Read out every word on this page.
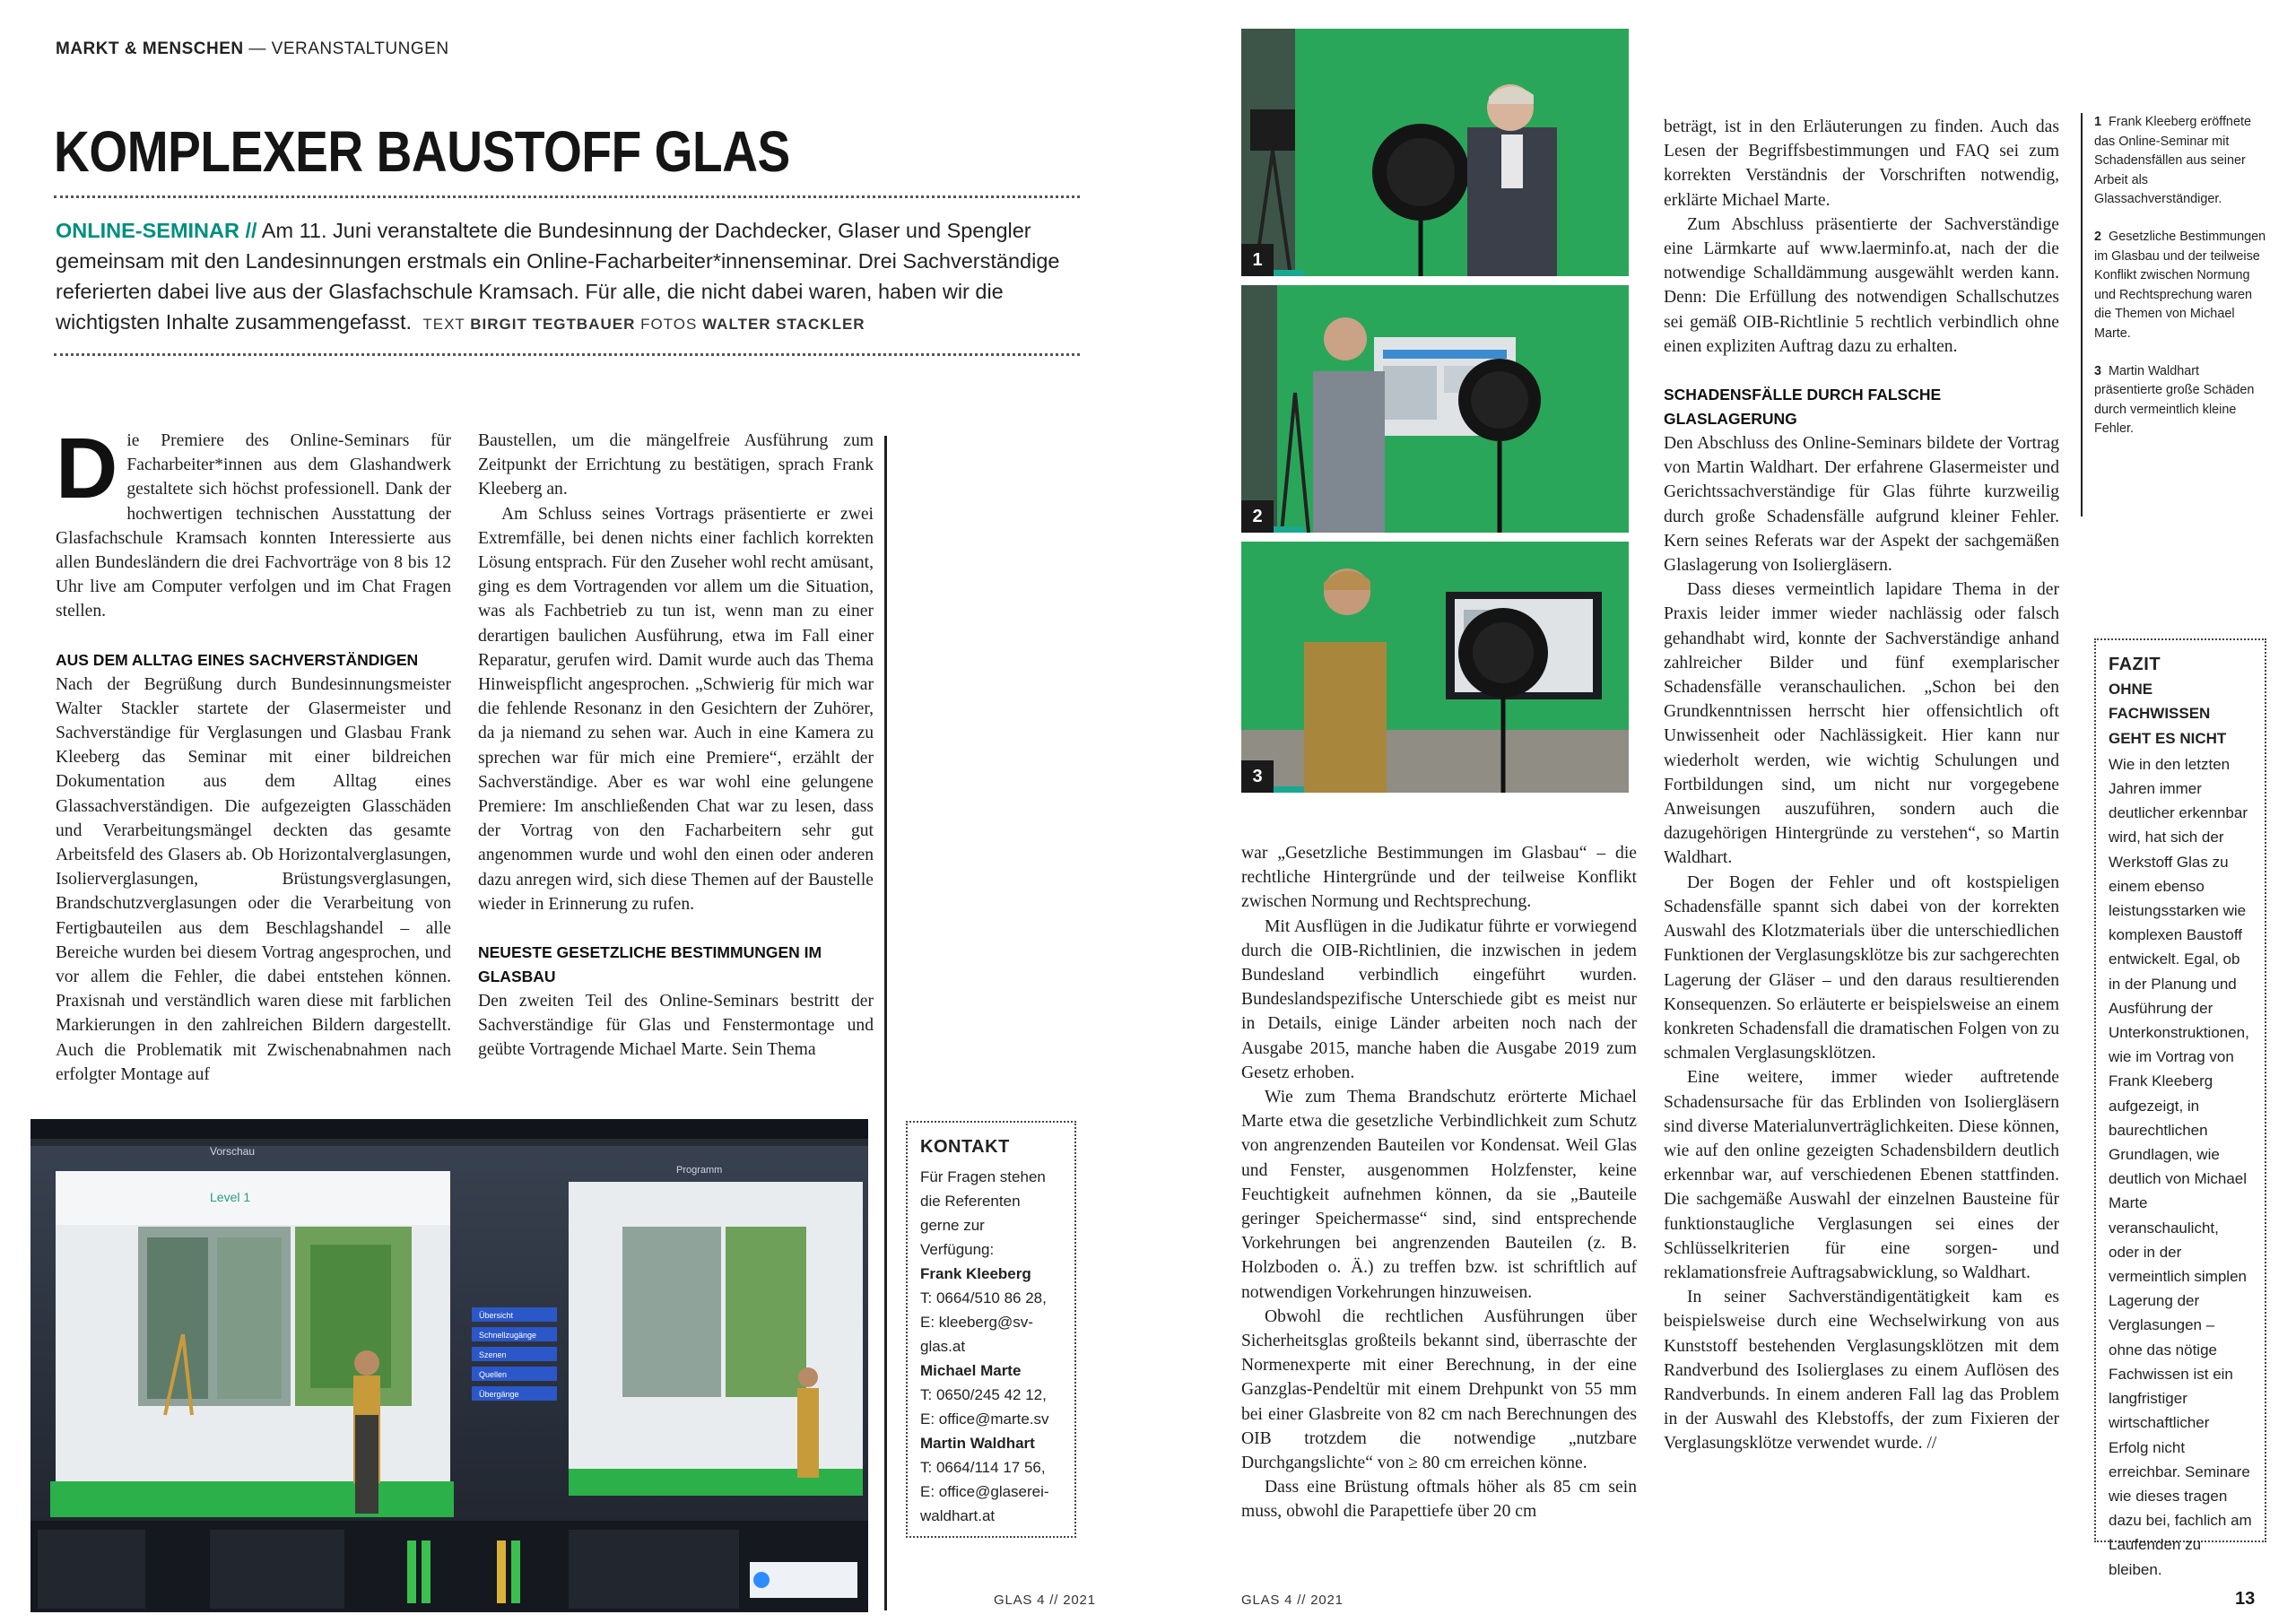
MARKT & MENSCHEN — VERANSTALTUNGEN
KOMPLEXER BAUSTOFF GLAS
ONLINE-SEMINAR // Am 11. Juni veranstaltete die Bundesinnung der Dachdecker, Glaser und Spengler gemeinsam mit den Landesinnungen erstmals ein Online-Facharbeiter*innenseminar. Drei Sachverständige referierten dabei live aus der Glasfachschule Kramsach. Für alle, die nicht dabei waren, haben wir die wichtigsten Inhalte zusammengefasst. TEXT BIRGIT TEGTBAUER FOTOS WALTER STACKLER

Die Premiere des Online-Seminars für Facharbeiter*innen aus dem Glashandwerk gestaltete sich höchst professionell. Dank der hochwertigen technischen Ausstattung der Glasfachschule Kramsach konnten Interessierte aus allen Bundesländern die drei Fachvorträge von 8 bis 12 Uhr live am Computer verfolgen und im Chat Fragen stellen.

AUS DEM ALLTAG EINES SACHVERSTÄNDIGEN

Nach der Begrüßung durch Bundesinnungsmeister Walter Stackler startete der Glasermeister und Sachverständige für Verglasungen und Glasbau Frank Kleeberg das Seminar mit einer bildreichen Dokumentation aus dem Alltag eines Glassachverständigen. Die aufgezeigten Glasschäden und Verarbeitungsmängel deckten das gesamte Arbeitsfeld des Glasers ab. Ob Horizontalverglasungen, Isolierverglasungen, Brüstungsverglasungen, Brandschutzverglasungen oder die Verarbeitung von Fertigbauteilen aus dem Beschlagshandel – alle Bereiche wurden bei diesem Vortrag angesprochen, und vor allem die Fehler, die dabei entstehen können. Praxisnah und verständlich waren diese mit farblichen Markierungen in den zahlreichen Bildern dargestellt. Auch die Problematik mit Zwischenabnahmen nach erfolgter Montage auf

Baustellen, um die mängelfreie Ausführung zum Zeitpunkt der Errichtung zu bestätigen, sprach Frank Kleeberg an.

Am Schluss seines Vortrags präsentierte er zwei Extremfälle, bei denen nichts einer fachlich korrekten Lösung entsprach. Für den Zuseher wohl recht amüsant, ging es dem Vortragenden vor allem um die Situation, was als Fachbetrieb zu tun ist, wenn man zu einer derartigen baulichen Ausführung, etwa im Fall einer Reparatur, gerufen wird. Damit wurde auch das Thema Hinweispflicht angesprochen. „Schwierig für mich war die fehlende Resonanz in den Gesichtern der Zuhörer, da ja niemand zu sehen war. Auch in eine Kamera zu sprechen war für mich eine Premiere“, erzählt der Sachverständige. Aber es war wohl eine gelungene Premiere: Im anschließenden Chat war zu lesen, dass der Vortrag von den Facharbeitern sehr gut angenommen wurde und wohl den einen oder anderen dazu anregen wird, sich diese Themen auf der Baustelle wieder in Erinnerung zu rufen.

NEUESTE GESETZLICHE BESTIMMUNGEN IM GLASBAU

Den zweiten Teil des Online-Seminars bestritt der Sachverständige für Glas und Fenstermontage und geübte Vortragende Michael Marte. Sein Thema

Vorschau
Programm
Level 1
Übersicht
Schnellzugänge
Szenen
Quellen
Übergänge
KONTAKT
Für Fragen stehen die Referenten gerne zur Verfügung:
Frank Kleeberg
T: 0664/510 86 28,
E: kleeberg@sv-glas.at
Michael Marte
T: 0650/245 42 12,
E: office@marte.sv
Martin Waldhart
T: 0664/114 17 56,
E: office@glaserei-waldhart.at
GLAS 4 // 2021
1
2
3

war „Gesetzliche Bestimmungen im Glasbau“ – die rechtliche Hintergründe und der teilweise Konflikt zwischen Normung und Rechtsprechung.

Mit Ausflügen in die Judikatur führte er vorwiegend durch die OIB-Richtlinien, die inzwischen in jedem Bundesland verbindlich eingeführt wurden. Bundeslandspezifische Unterschiede gibt es meist nur in Details, einige Länder arbeiten noch nach der Ausgabe 2015, manche haben die Ausgabe 2019 zum Gesetz erhoben.

Wie zum Thema Brandschutz erörterte Michael Marte etwa die gesetzliche Verbindlichkeit zum Schutz von angrenzenden Bauteilen vor Kondensat. Weil Glas und Fenster, ausgenommen Holzfenster, keine Feuchtigkeit aufnehmen können, da sie „Bauteile geringer Speichermasse“ sind, sind entsprechende Vorkehrungen bei angrenzenden Bauteilen (z. B. Holzboden o. Ä.) zu treffen bzw. ist schriftlich auf notwendigen Vorkehrungen hinzuweisen.

Obwohl die rechtlichen Ausführungen über Sicherheitsglas großteils bekannt sind, überraschte der Normenexperte mit einer Berechnung, in der eine Ganzglas-Pendeltür mit einem Drehpunkt von 55 mm bei einer Glasbreite von 82 cm nach Berechnungen des OIB trotzdem die notwendige „nutzbare Durchgangslichte“ von ≥ 80 cm erreichen könne.

Dass eine Brüstung oftmals höher als 85 cm sein muss, obwohl die Parapettiefe über 20 cm

beträgt, ist in den Erläuterungen zu finden. Auch das Lesen der Begriffsbestimmungen und FAQ sei zum korrekten Verständnis der Vorschriften notwendig, erklärte Michael Marte.

Zum Abschluss präsentierte der Sachverständige eine Lärmkarte auf www.laerminfo.at, nach der die notwendige Schalldämmung ausgewählt werden kann. Denn: Die Erfüllung des notwendigen Schallschutzes sei gemäß OIB-Richtlinie 5 rechtlich verbindlich ohne einen expliziten Auftrag dazu zu erhalten.

SCHADENSFÄLLE DURCH FALSCHE GLASLAGERUNG

Den Abschluss des Online-Seminars bildete der Vortrag von Martin Waldhart. Der erfahrene Glasermeister und Gerichtssachverständige für Glas führte kurzweilig durch große Schadensfälle aufgrund kleiner Fehler. Kern seines Referats war der Aspekt der sachgemäßen Glaslagerung von Isoliergläsern.

Dass dieses vermeintlich lapidare Thema in der Praxis leider immer wieder nachlässig oder falsch gehandhabt wird, konnte der Sachverständige anhand zahlreicher Bilder und fünf exemplarischer Schadensfälle veranschaulichen. „Schon bei den Grundkenntnissen herrscht hier offensichtlich oft Unwissenheit oder Nachlässigkeit. Hier kann nur wiederholt werden, wie wichtig Schulungen und Fortbildungen sind, um nicht nur vorgegebene Anweisungen auszuführen, sondern auch die dazugehörigen Hintergründe zu verstehen“, so Martin Waldhart.

Der Bogen der Fehler und oft kostspieligen Schadensfälle spannt sich dabei von der korrekten Auswahl des Klotzmaterials über die unterschiedlichen Funktionen der Verglasungsklötze bis zur sachgerechten Lagerung der Gläser – und den daraus resultierenden Konsequenzen. So erläuterte er beispielsweise an einem konkreten Schadensfall die dramatischen Folgen von zu schmalen Verglasungsklötzen.

Eine weitere, immer wieder auftretende Schadensursache für das Erblinden von Isoliergläsern sind diverse Materialunverträglichkeiten. Diese können, wie auf den online gezeigten Schadensbildern deutlich erkennbar war, auf verschiedenen Ebenen stattfinden. Die sachgemäße Auswahl der einzelnen Bausteine für funktionstaugliche Verglasungen sei eines der Schlüsselkriterien für eine sorgen- und reklamationsfreie Auftragsabwicklung, so Waldhart.

In seiner Sachverständigentätigkeit kam es beispielsweise durch eine Wechselwirkung von aus Kunststoff bestehenden Verglasungsklötzen mit dem Randverbund des Isolierglases zu einem Auflösen des Randverbunds. In einem anderen Fall lag das Problem in der Auswahl des Klebstoffs, der zum Fixieren der Verglasungsklötze verwendet wurde. //

1 Frank Kleeberg eröffnete das Online-Seminar mit Schadensfällen aus seiner Arbeit als Glassachverständiger.

2 Gesetzliche Bestimmungen im Glasbau und der teilweise Konflikt zwischen Normung und Rechtsprechung waren die Themen von Michael Marte.

3 Martin Waldhart präsentierte große Schäden durch vermeintlich kleine Fehler.

FAZIT
OHNE FACHWISSEN GEHT ES NICHT
Wie in den letzten Jahren immer deutlicher erkennbar wird, hat sich der Werkstoff Glas zu einem ebenso leistungsstarken wie komplexen Baustoff entwickelt. Egal, ob in der Planung und Ausführung der Unterkonstruktionen, wie im Vortrag von Frank Kleeberg aufgezeigt, in baurechtlichen Grundlagen, wie deutlich von Michael Marte veranschaulicht, oder in der vermeintlich simplen Lagerung der Verglasungen – ohne das nötige Fachwissen ist ein langfristiger wirtschaftlicher Erfolg nicht erreichbar. Seminare wie dieses tragen dazu bei, fachlich am Laufenden zu bleiben.
GLAS 4 // 2021	13
